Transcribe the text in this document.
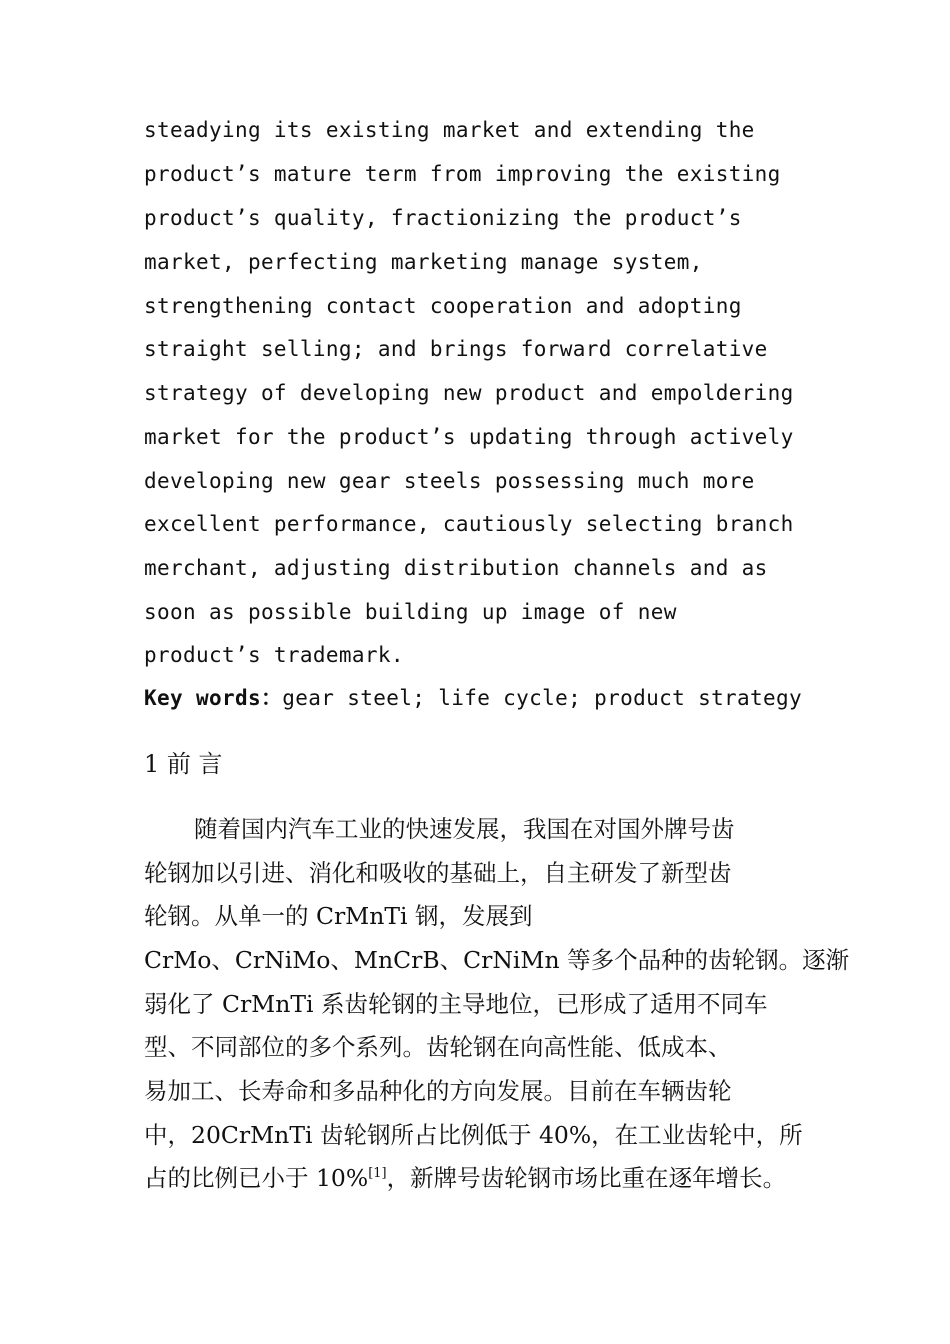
steadying its existing market and extending the
product’s mature term from improving the existing
product’s quality, fractionizing the product’s
market, perfecting marketing manage system,
strengthening contact cooperation and adopting
straight selling; and brings forward correlative
strategy of developing new product and empoldering
market for the product’s updating through actively
developing new gear steels possessing much more
excellent performance, cautiously selecting branch
merchant, adjusting distribution channels and as
soon as possible building up image of new
product’s trademark.
Key words：gear steel; life cycle; product strategy
1 前 言
随着国内汽车工业的快速发展，我国在对国外牌号齿
轮钢加以引进、消化和吸收的基础上，自主研发了新型齿
轮钢。从单一的 CrMnTi 钢，发展到
CrMo、CrNiMo、MnCrB、CrNiMn 等多个品种的齿轮钢。逐渐
弱化了 CrMnTi 系齿轮钢的主导地位，已形成了适用不同车
型、不同部位的多个系列。齿轮钢在向高性能、低成本、
易加工、长寿命和多品种化的方向发展。目前在车辆齿轮
中，20CrMnTi 齿轮钢所占比例低于 40%，在工业齿轮中，所
占的比例已小于 10%[1]，新牌号齿轮钢市场比重在逐年增长。
